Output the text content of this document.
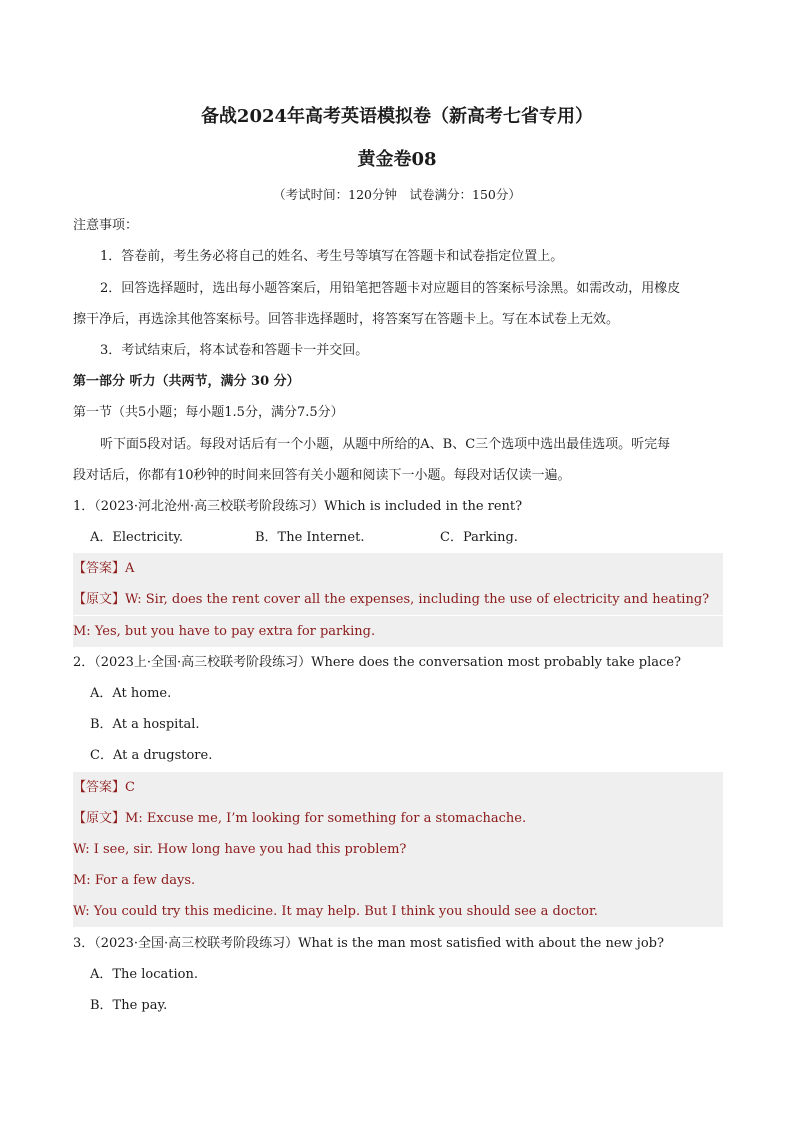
备战2024年高考英语模拟卷（新高考七省专用）
黄金卷08
（考试时间：120分钟　试卷满分：150分）
注意事项：
1．答卷前，考生务必将自己的姓名、考生号等填写在答题卡和试卷指定位置上。
2．回答选择题时，选出每小题答案后，用铅笔把答题卡对应题目的答案标号涂黑。如需改动，用橡皮
擦干净后，再选涂其他答案标号。回答非选择题时，将答案写在答题卡上。写在本试卷上无效。
3．考试结束后，将本试卷和答题卡一并交回。
第一部分 听力（共两节，满分 30 分）
第一节（共5小题；每小题1.5分，满分7.5分）
听下面5段对话。每段对话后有一个小题，从题中所给的A、B、C三个选项中选出最佳选项。听完每
段对话后，你都有10秒钟的时间来回答有关小题和阅读下一小题。每段对话仅读一遍。
1．（2023·河北沧州·高三校联考阶段练习）Which is included in the rent?
A．Electricity.	B．The Internet.	C．Parking.
【答案】A
【原文】W: Sir, does the rent cover all the expenses, including the use of electricity and heating?
M: Yes, but you have to pay extra for parking.
2．（2023上·全国·高三校联考阶段练习）Where does the conversation most probably take place?
A．At home.
B．At a hospital.
C．At a drugstore.
【答案】C
【原文】M: Excuse me, I’m looking for something for a stomachache.
W: I see, sir. How long have you had this problem?
M: For a few days.
W: You could try this medicine. It may help. But I think you should see a doctor.
3．（2023·全国·高三校联考阶段练习）What is the man most satisfied with about the new job?
A．The location.
B．The pay.
